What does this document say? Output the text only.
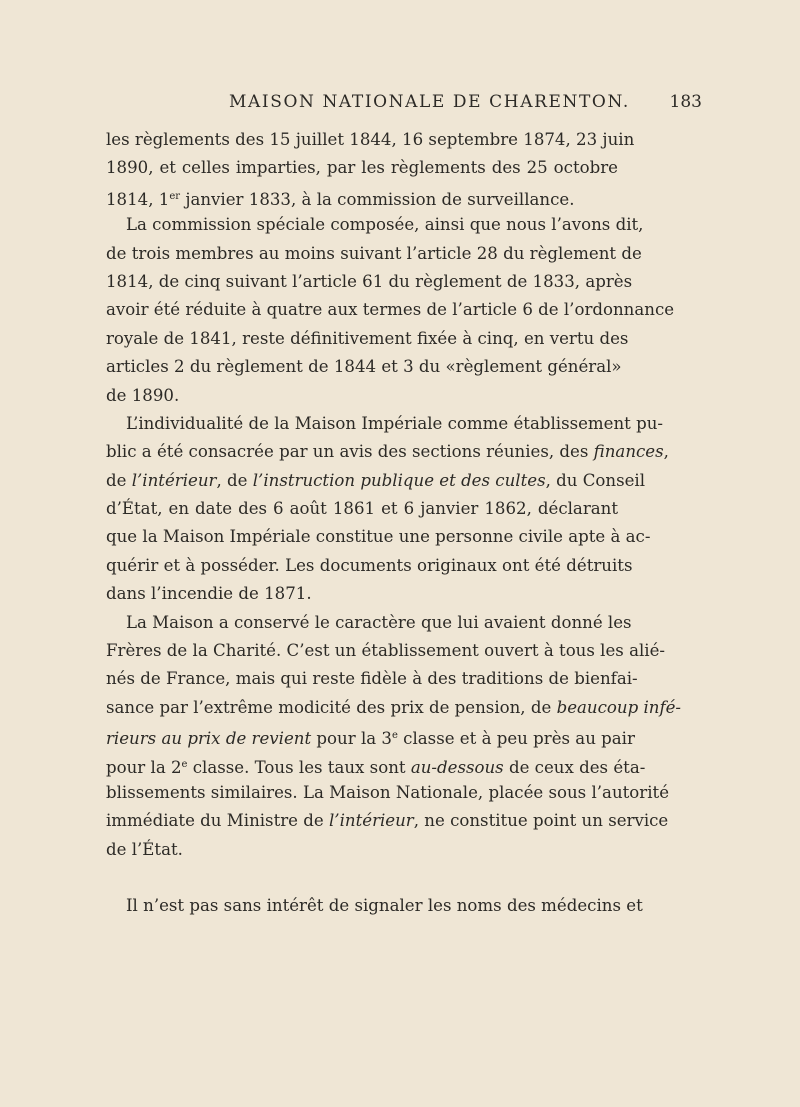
MAISON NATIONALE DE CHARENTON. 183
les règlements des 15 juillet 1844, 16 septembre 1874, 23 juin
1890, et celles imparties, par les règlements des 25 octobre
1814, 1er janvier 1833, à la commission de surveillance.
La commission spéciale composée, ainsi que nous l’avons dit,
de trois membres au moins suivant l’article 28 du règlement de
1814, de cinq suivant l’article 61 du règlement de 1833, après
avoir été réduite à quatre aux termes de l’article 6 de l’ordonnance
royale de 1841, reste définitivement fixée à cinq, en vertu des
articles 2 du règlement de 1844 et 3 du «règlement général»
de 1890.
L’individualité de la Maison Impériale comme établissement pu-
blic a été consacrée par un avis des sections réunies, des finances,
de l’intérieur, de l’instruction publique et des cultes, du Conseil
d’État, en date des 6 août 1861 et 6 janvier 1862, déclarant
que la Maison Impériale constitue une personne civile apte à ac-
quérir et à posséder. Les documents originaux ont été détruits
dans l’incendie de 1871.
La Maison a conservé le caractère que lui avaient donné les
Frères de la Charité. C’est un établissement ouvert à tous les alié-
nés de France, mais qui reste fidèle à des traditions de bienfai-
sance par l’extrême modicité des prix de pension, de beaucoup infé-
rieurs au prix de revient pour la 3e classe et à peu près au pair
pour la 2e classe. Tous les taux sont au-dessous de ceux des éta-
blissements similaires. La Maison Nationale, placée sous l’autorité
immédiate du Ministre de l’intérieur, ne constitue point un service
de l’État.
Il n’est pas sans intérêt de signaler les noms des médecins et
